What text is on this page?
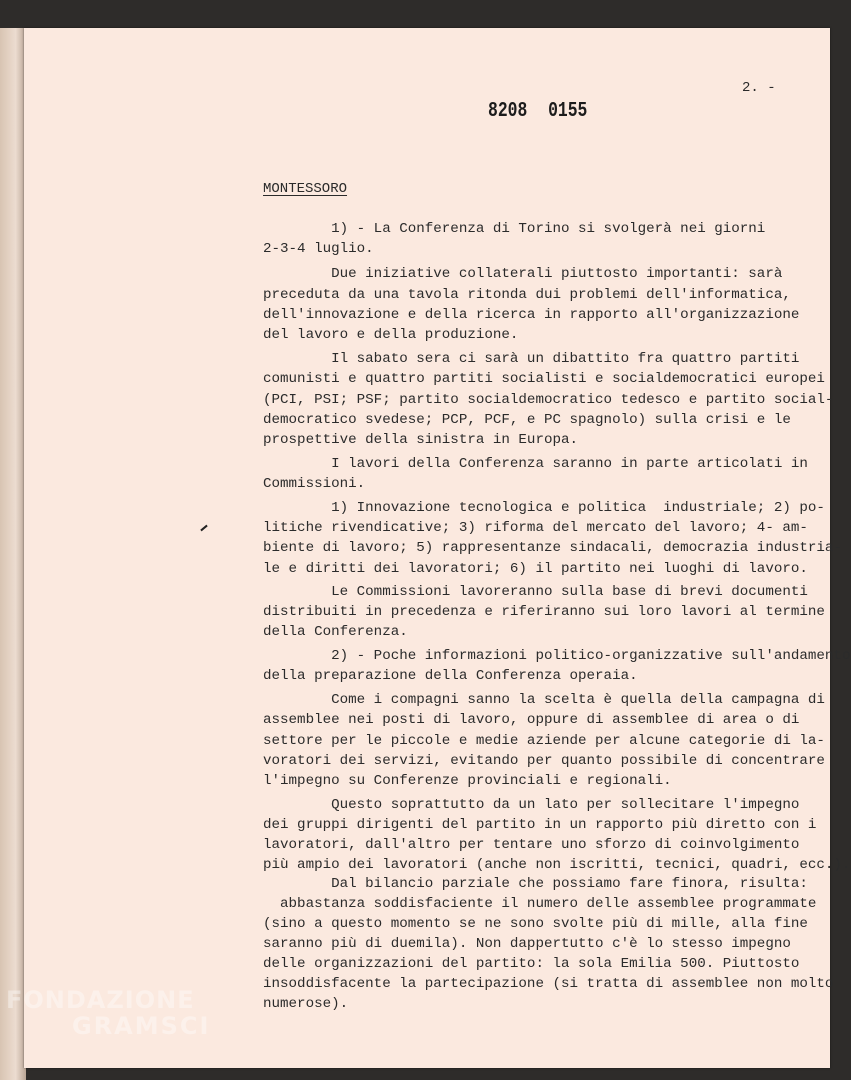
2. -
8208 0155
MONTESSORO
1) - La Conferenza di Torino si svolgerà nei giorni
2-3-4 luglio.
Due iniziative collaterali piuttosto importanti: sarà
preceduta da una tavola ritonda dui problemi dell'informatica,
dell'innovazione e della ricerca in rapporto all'organizzazione
del lavoro e della produzione.
Il sabato sera ci sarà un dibattito fra quattro partiti
comunisti e quattro partiti socialisti e socialdemocratici europei
(PCI, PSI; PSF; partito socialdemocratico tedesco e partito social-
democratico svedese; PCP, PCF, e PC spagnolo) sulla crisi e le
prospettive della sinistra in Europa.
I lavori della Conferenza saranno in parte articolati in
Commissioni.
1) Innovazione tecnologica e politica  industriale; 2) po-
litiche rivendicative; 3) riforma del mercato del lavoro; 4- am-
biente di lavoro; 5) rappresentanze sindacali, democrazia industria-
le e diritti dei lavoratori; 6) il partito nei luoghi di lavoro.
Le Commissioni lavoreranno sulla base di brevi documenti
distribuiti in precedenza e riferiranno sui loro lavori al termine
della Conferenza.
2) - Poche informazioni politico-organizzative sull'andamento
della preparazione della Conferenza operaia.
Come i compagni sanno la scelta è quella della campagna di
assemblee nei posti di lavoro, oppure di assemblee di area o di
settore per le piccole e medie aziende per alcune categorie di la-
voratori dei servizi, evitando per quanto possibile di concentrare
l'impegno su Conferenze provinciali e regionali.
Questo soprattutto da un lato per sollecitare l'impegno
dei gruppi dirigenti del partito in un rapporto più diretto con i
lavoratori, dall'altro per tentare uno sforzo di coinvolgimento
più ampio dei lavoratori (anche non iscritti, tecnici, quadri, ecc.).
Dal bilancio parziale che possiamo fare finora, risulta:
abbastanza soddisfaciente il numero delle assemblee programmate
(sino a questo momento se ne sono svolte più di mille, alla fine
saranno più di duemila). Non dappertutto c'è lo stesso impegno
delle organizzazioni del partito: la sola Emilia 500. Piuttosto
insoddisfacente la partecipazione (si tratta di assemblee non molto
numerose).
FONDAZIONE
GRAMSCI
